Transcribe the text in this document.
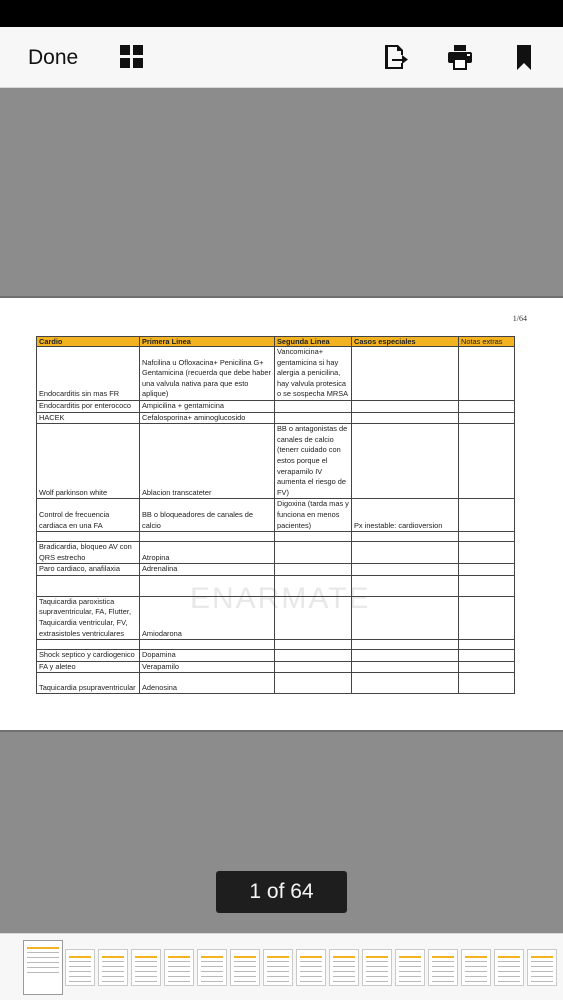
Done
1/64
ENARMATE
Cardio	Primera Linea	Segunda Linea	Casos especiales	Notas extras
Endocarditis sin mas FR	Nafcilina u Ofloxacina+ Penicilina G+ Gentamicina (recuerda que debe haber una valvula nativa para que esto aplique)	Vancomicina+ gentamicina si hay alergia a penicilina, hay valvula protesica o se sospecha MRSA		
Endocarditis por enterococo	Ampicilina + gentamicina			
HACEK	Cefalosporina+ aminoglucosido			
Wolf parkinson white	Ablacion transcateter	BB o antagonistas de canales de calcio (tenerr cuidado con estos porque el verapamilo IV aumenta el riesgo de FV)		
Control de frecuencia cardiaca en una FA	BB o bloqueadores de canales de calcio	Digoxina (tarda mas y funciona en menos pacientes)	Px inestable: cardioversion	

Bradicardia, bloqueo AV con QRS estrecho	Atropina			
Paro cardiaco, anafilaxia	Adrenalina			

Taquicardia paroxistica supraventricular, FA, Flutter, Taquicardia ventricular, FV, extrasistoles ventriculares	Amiodarona			

Shock septico y cardiogenico	Dopamina			
FA y aleteo	Verapamilo			
Taquicardia psupraventricular	Adenosina			
1 of 64
